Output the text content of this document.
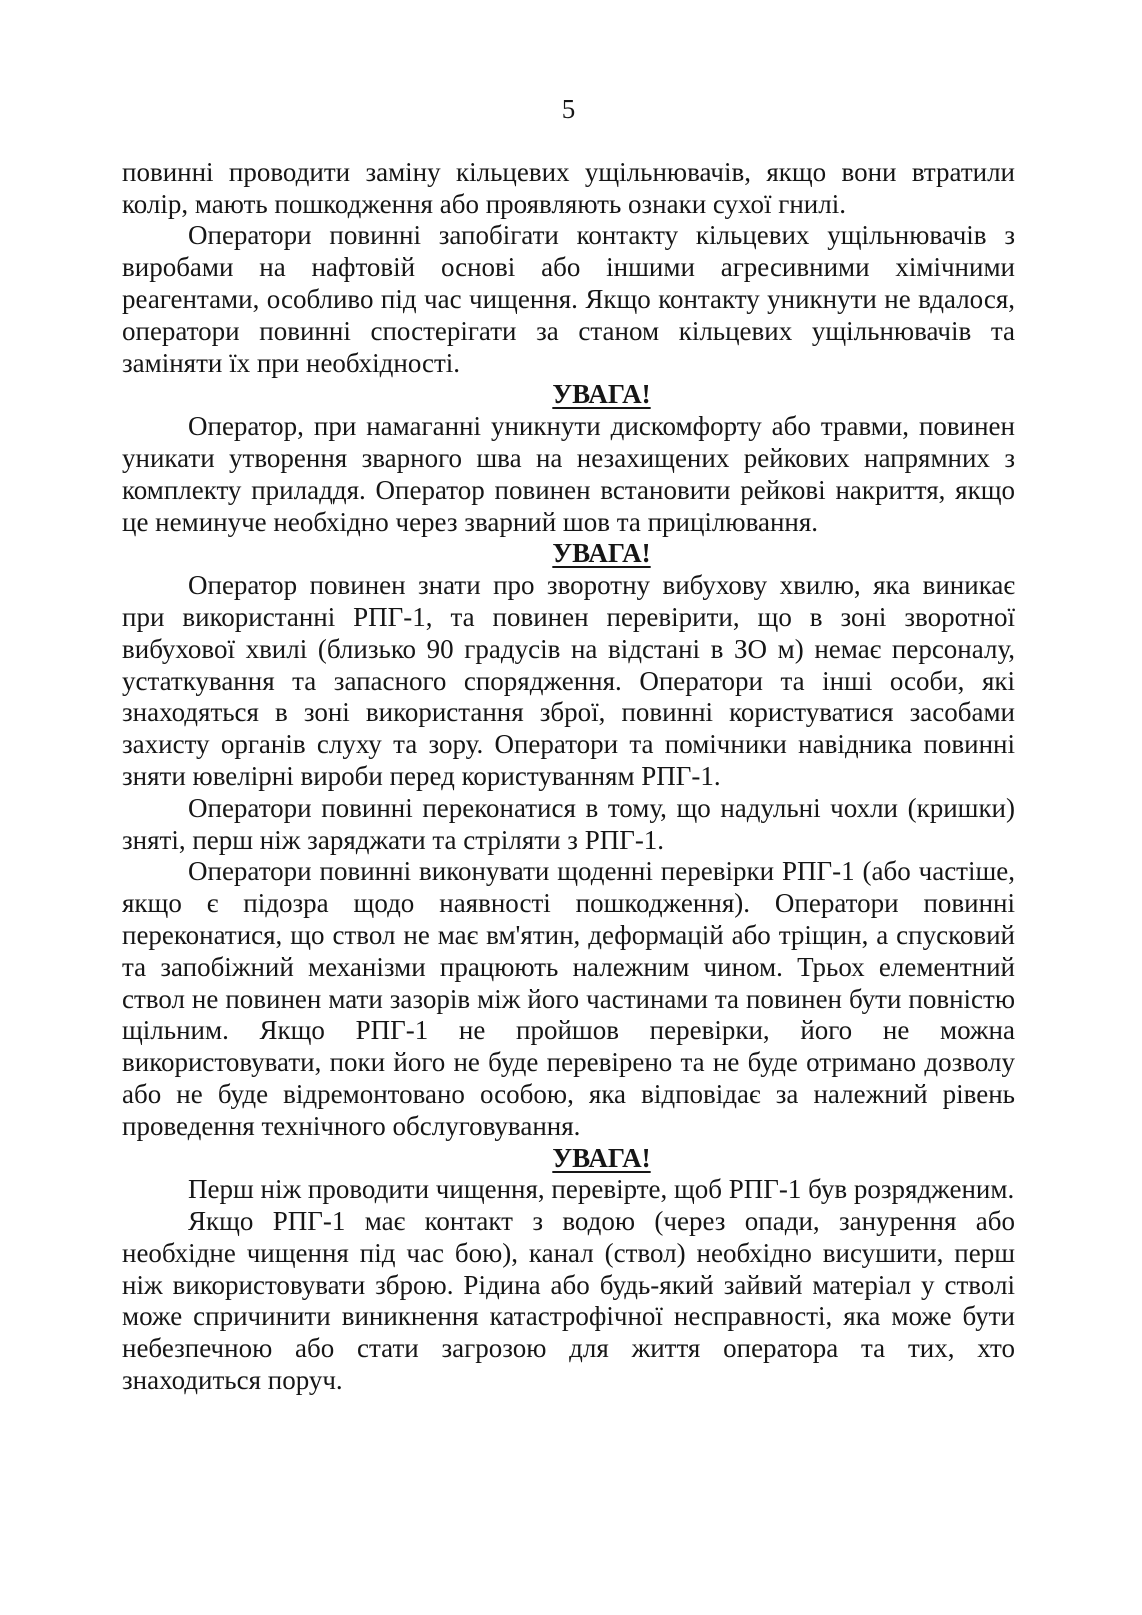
5

повинні проводити заміну кільцевих ущільнювачів, якщо вони втратили колір, мають пошкодження або проявляють ознаки сухої гнилі.

Оператори повинні запобігати контакту кільцевих ущільнювачів з виробами на нафтовій основі або іншими агресивними хімічними реагентами, особливо під час чищення. Якщо контакту уникнути не вдалося, оператори повинні спостерігати за станом кільцевих ущільнювачів та заміняти їх при необхідності.

УВАГА!

Оператор, при намаганні уникнути дискомфорту або травми, повинен уникати утворення зварного шва на незахищених рейкових напрямних з комплекту приладдя. Оператор повинен встановити рейкові накриття, якщо це неминуче необхідно через зварний шов та прицілювання.

УВАГА!

Оператор повинен знати про зворотну вибухову хвилю, яка виникає при використанні РПГ-1, та повинен перевірити, що в зоні зворотної вибухової хвилі (близько 90 градусів на відстані в ЗО м) немає персоналу, устаткування та запасного спорядження. Оператори та інші особи, які знаходяться в зоні використання зброї, повинні користуватися засобами захисту органів слуху та зору. Оператори та помічники навідника повинні зняти ювелірні вироби перед користуванням РПГ-1.

Оператори повинні переконатися в тому, що надульні чохли (кришки) зняті, перш ніж заряджати та стріляти з РПГ-1.

Оператори повинні виконувати щоденні перевірки РПГ-1 (або частіше, якщо є підозра щодо наявності пошкодження). Оператори повинні переконатися, що ствол не має вм'ятин, деформацій або тріщин, а спусковий та запобіжний механізми працюють належним чином. Трьох елементний ствол не повинен мати зазорів між його частинами та повинен бути повністю щільним. Якщо РПГ-1 не пройшов перевірки, його не можна використовувати, поки його не буде перевірено та не буде отримано дозволу або не буде відремонтовано особою, яка відповідає за належний рівень проведення технічного обслуговування.

УВАГА!

Перш ніж проводити чищення, перевірте, щоб РПГ-1 був розрядженим.

Якщо РПГ-1 має контакт з водою (через опади, занурення або необхідне чищення під час бою), канал (ствол) необхідно висушити, перш ніж використовувати зброю. Рідина або будь-який зайвий матеріал у стволі може спричинити виникнення катастрофічної несправності, яка може бути небезпечною або стати загрозою для життя оператора та тих, хто знаходиться поруч.
